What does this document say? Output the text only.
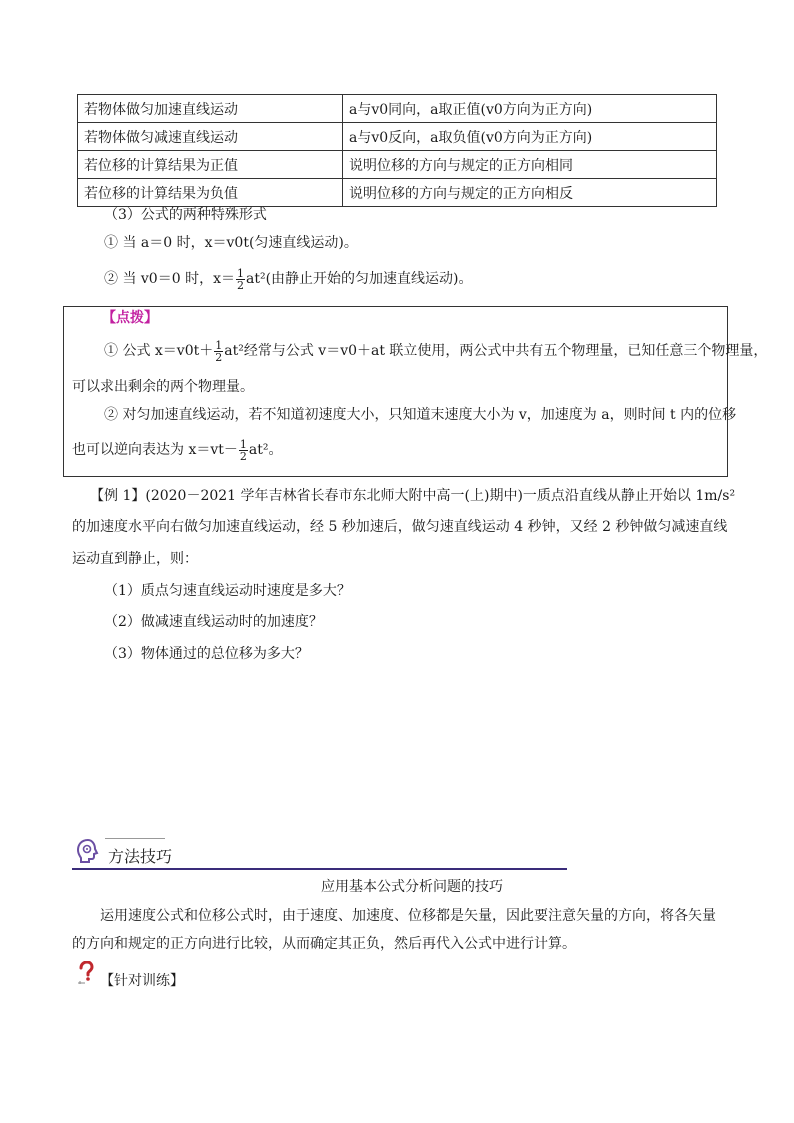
若物体做匀加速直线运动	a与v0同向，a取正值(v0方向为正方向)
若物体做匀减速直线运动	a与v0反向，a取负值(v0方向为正方向)
若位移的计算结果为正值	说明位移的方向与规定的正方向相同
若位移的计算结果为负值	说明位移的方向与规定的正方向相反
（3）公式的两种特殊形式
① 当 a＝0 时，x＝v0t(匀速直线运动)。
② 当 v0＝0 时，$x= \frac{1}{2} at^2$(由静止开始的匀加速直线运动)。
【点拨】
① 公式 $x=v0t+ \frac{1}{2} at^2$经常与公式 v＝v0＋at 联立使用，两公式中共有五个物理量，已知任意三个物理量，
可以求出剩余的两个物理量。
② 对匀加速直线运动，若不知道初速度大小，只知道末速度大小为 v，加速度为 a，则时间 t 内的位移
也可以逆向表达为 $x=vt- \frac{1}{2} at^2$。
【例 1】(2020－2021 学年吉林省长春市东北师大附中高一(上)期中)一质点沿直线从静止开始以 1m/s²
的加速度水平向右做匀加速直线运动，经 5 秒加速后，做匀速直线运动 4 秒钟，又经 2 秒钟做匀减速直线
运动直到静止，则：
（1）质点匀速直线运动时速度是多大？
（2）做减速直线运动时的加速度？
（3）物体通过的总位移为多大？
方法技巧
应用基本公式分析问题的技巧
运用速度公式和位移公式时，由于速度、加速度、位移都是矢量，因此要注意矢量的方向，将各矢量
的方向和规定的正方向进行比较，从而确定其正负，然后再代入公式中进行计算。
【针对训练】
